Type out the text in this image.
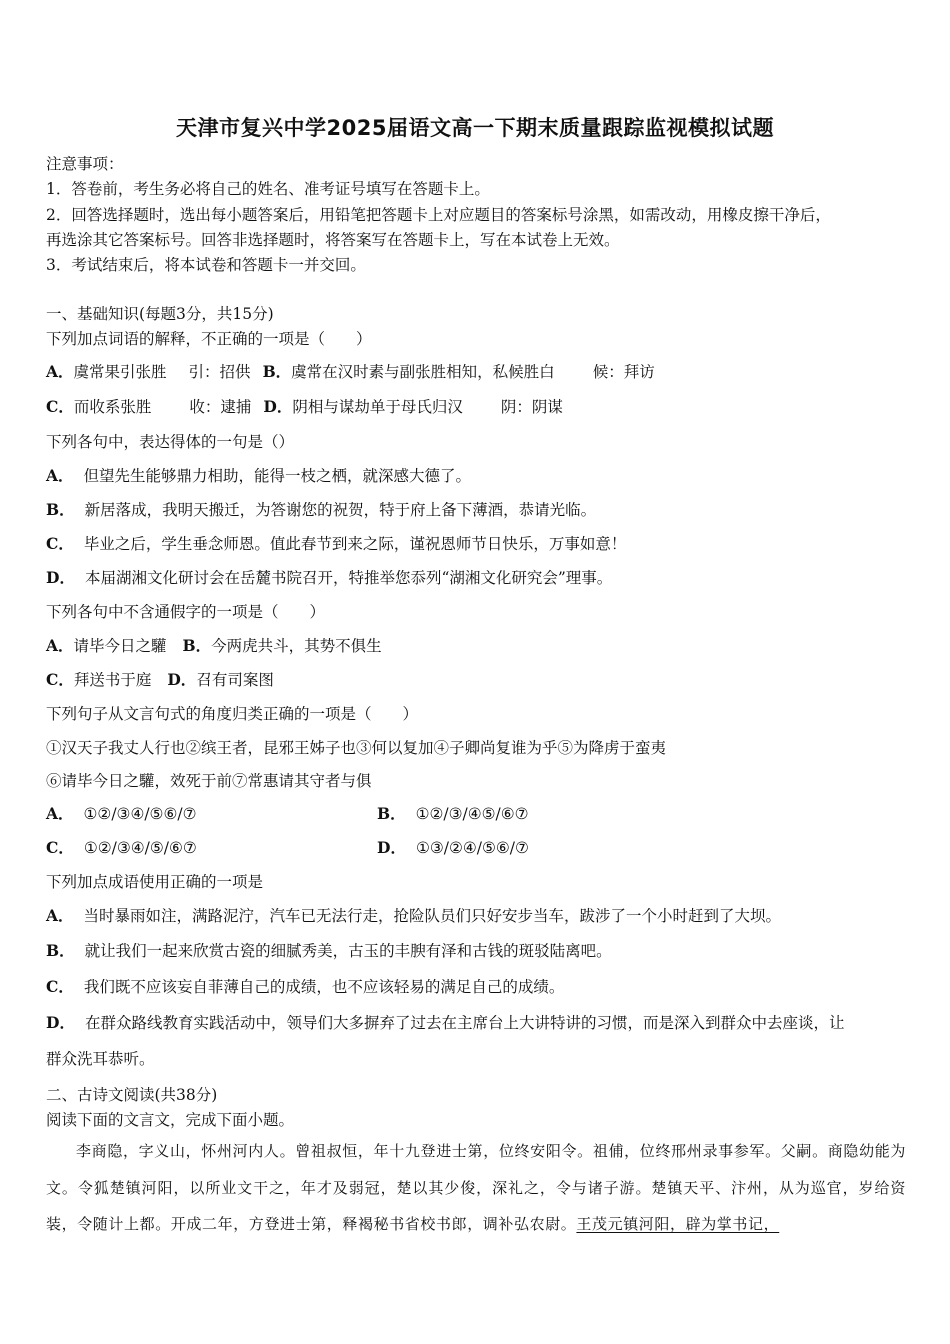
天津市复兴中学2025届语文高一下期末质量跟踪监视模拟试题
注意事项：
1．答卷前，考生务必将自己的姓名、准考证号填写在答题卡上。
2．回答选择题时，选出每小题答案后，用铅笔把答题卡上对应题目的答案标号涂黑，如需改动，用橡皮擦干净后，
再选涂其它答案标号。回答非选择题时，将答案写在答题卡上，写在本试卷上无效。
3．考试结束后，将本试卷和答题卡一并交回。
一、基础知识(每题3分，共15分)
下列加点词语的解释，不正确的一项是（　　）
A．虞常果引张胜 引：招供 B．虞常在汉时素与副张胜相知，私候胜白 候：拜访
C．而收系张胜 收：逮捕 D．阴相与谋劫单于母氏归汉 阴：阴谋
下列各句中，表达得体的一句是（）
A． 但望先生能够鼎力相助，能得一枝之栖，就深感大德了。
B． 新居落成，我明天搬迁，为答谢您的祝贺，特于府上备下薄酒，恭请光临。
C． 毕业之后，学生垂念师恩。值此春节到来之际，谨祝恩师节日快乐，万事如意！
D． 本届湖湘文化研讨会在岳麓书院召开，特推举您忝列“湖湘文化研究会”理事。
下列各句中不含通假字的一项是（　　）
A．请毕今日之驩 B．今两虎共斗，其势不俱生
C．拜送书于庭 D．召有司案图
下列句子从文言句式的角度归类正确的一项是（　　）
①汉天子我丈人行也②缤王者，昆邪王姊子也③何以复加④子卿尚复谁为乎⑤为降虏于蛮夷
⑥请毕今日之驩，效死于前⑦常惠请其守者与俱
A． ①②/③④/⑤⑥/⑦	B． ①②/③/④⑤/⑥⑦
C． ①②/③④/⑤/⑥⑦	D． ①③/②④/⑤⑥/⑦
下列加点成语使用正确的一项是
A． 当时暴雨如注，满路泥泞，汽车已无法行走，抢险队员们只好安步当车，跋涉了一个小时赶到了大坝。
B． 就让我们一起来欣赏古瓷的细腻秀美，古玉的丰腴有泽和古钱的斑驳陆离吧。
C． 我们既不应该妄自菲薄自己的成绩，也不应该轻易的满足自己的成绩。
D． 在群众路线教育实践活动中，领导们大多摒弃了过去在主席台上大讲特讲的习惯，而是深入到群众中去座谈，让
群众洗耳恭听。
二、古诗文阅读(共38分)
阅读下面的文言文，完成下面小题。
李商隐，字义山，怀州河内人。曾祖叔恒，年十九登进士第，位终安阳令。祖俌，位终邢州录事参军。父嗣。商隐幼能为文。令狐楚镇河阳，以所业文干之，年才及弱冠，楚以其少俊，深礼之，令与诸子游。楚镇天平、汴州，从为巡官，岁给资装，令随计上都。开成二年，方登进士第，释褐秘书省校书郎，调补弘农尉。王茂元镇河阳，辟为掌书记，
